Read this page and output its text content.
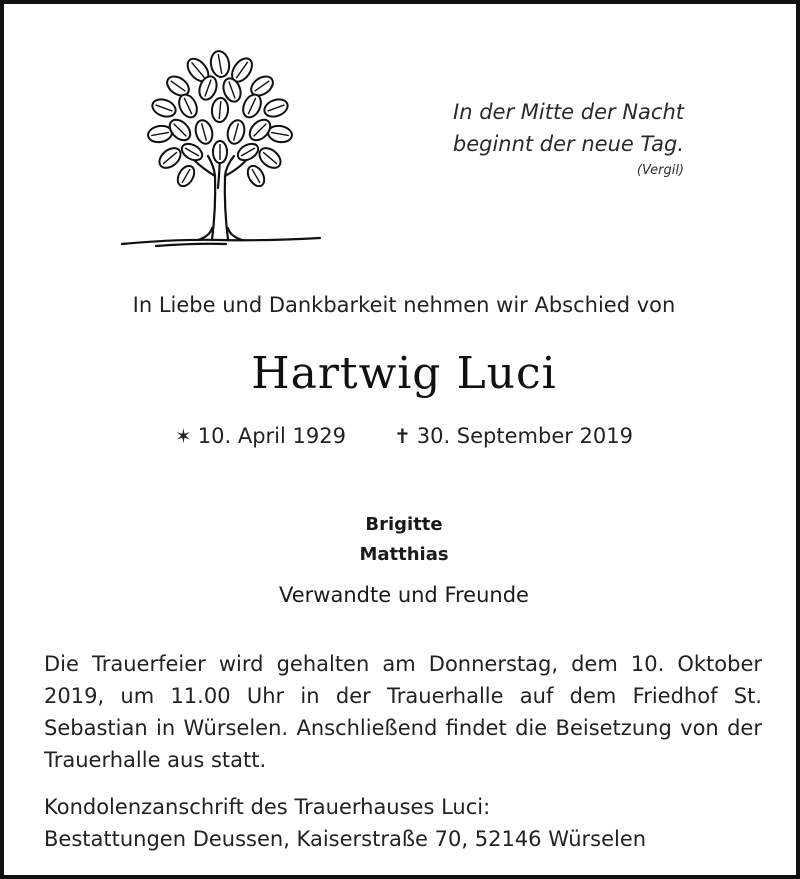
In der Mitte der Nacht
beginnt der neue Tag.
(Vergil)
In Liebe und Dankbarkeit nehmen wir Abschied von
Hartwig Luci
✶ 10. April 1929 ✝ 30. September 2019
Brigitte
Matthias
Verwandte und Freunde
Die Trauerfeier wird gehalten am Donnerstag, dem 10. Oktober 2019, um 11.00 Uhr in der Trauerhalle auf dem Friedhof St. Sebastian in Würselen. Anschließend findet die Beisetzung von der Trauerhalle aus statt.
Kondolenzanschrift des Trauerhauses Luci:
Bestattungen Deussen, Kaiserstraße 70, 52146 Würselen
